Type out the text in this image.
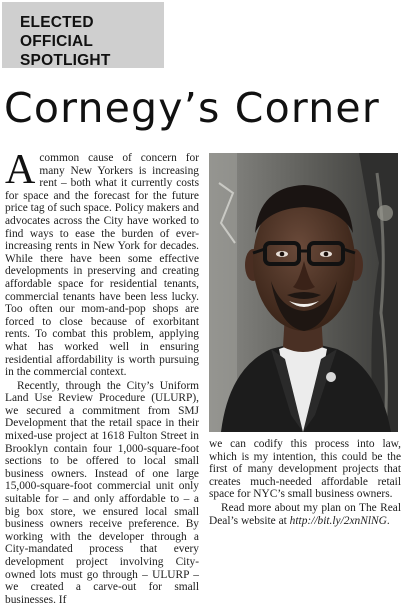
ELECTED OFFICIAL
SPOTLIGHT
Cornegy’s Corner

Acommon cause of concern for many New Yorkers is increasing rent – both what it currently costs for space and the forecast for the future price tag of such space. Policy makers and advocates across the City have worked to find ways to ease the burden of ever-increasing rents in New York for decades. While there have been some effective developments in preserving and creating affordable space for residential tenants, commercial tenants have been less lucky. Too often our mom-and-pop shops are forced to close because of exorbitant rents. To combat this problem, applying what has worked well in ensuring residential affordability is worth pursuing in the commercial context.

Recently, through the City’s Uniform Land Use Review Procedure (ULURP), we secured a commitment from SMJ Development that the retail space in their mixed-use project at 1618 Fulton Street in Brooklyn contain four 1,000-square-foot sections to be offered to local small business owners. Instead of one large 15,000-square-foot commercial unit only suitable for – and only affordable to – a big box store, we ensured local small business owners receive preference. By working with the developer through a City-mandated process that every development project involving City-owned lots must go through – ULURP – we created a carve-out for small businesses. If

we can codify this process into law, which is my intention, this could be the first of many development projects that creates much-needed affordable retail space for NYC’s small business owners.

Read more about my plan on The Real Deal’s website at http://bit.ly/2xnNlNG.
